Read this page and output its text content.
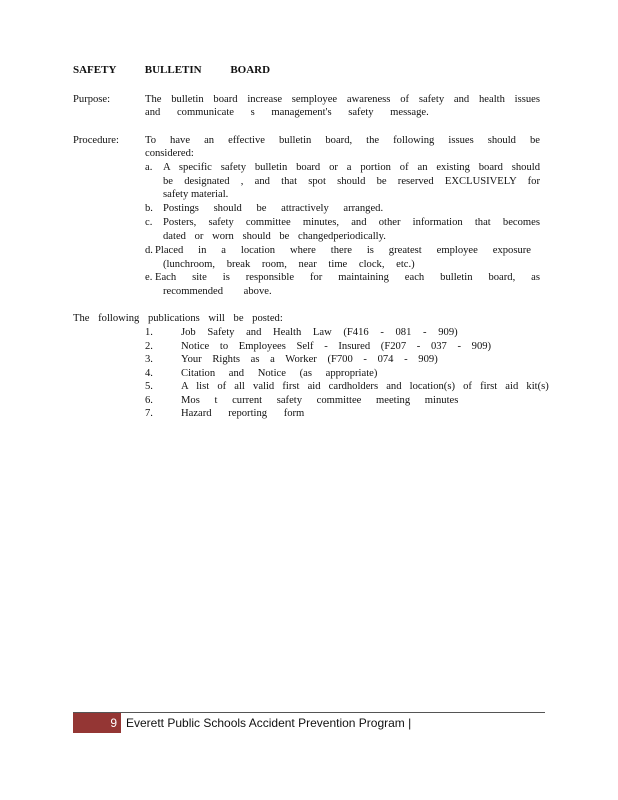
SAFETY BULLETIN BOARD
Purpose:	The bulletin board increase semployee awareness of safety and health issues
and communicate s management's safety message.
Procedure: To have an effective bulletin board, the following issues should be
considered:
a. A specific safety bulletin board or a portion of an existing board should
be designated , and that spot should be reserved EXCLUSIVELY for
safety material.
b. Postings should be attractively arranged.
c. Posters, safety committee minutes, and other information that becomes
dated or worn should be changedperiodically.
d. Placed in a location where there is greatest employee exposure
(lunchroom, break room, near time clock, etc.)
e. Each site is responsible for maintaining each bulletin board, as
recommended above.
The following publications will be posted:
1.	Job Safety and Health Law (F416 - 081 - 909)
2.	Notice to Employees Self - Insured (F207 - 037 - 909)
3.	Your Rights as a Worker (F700 - 074 - 909)
4.	Citation and Notice (as appropriate)
5.	A list of all valid first aid cardholders and location(s) of first aid kit(s)
6.	Mos t current safety committee meeting minutes
7.	Hazard reporting form
9 Everett Public Schools Accident Prevention Program |
